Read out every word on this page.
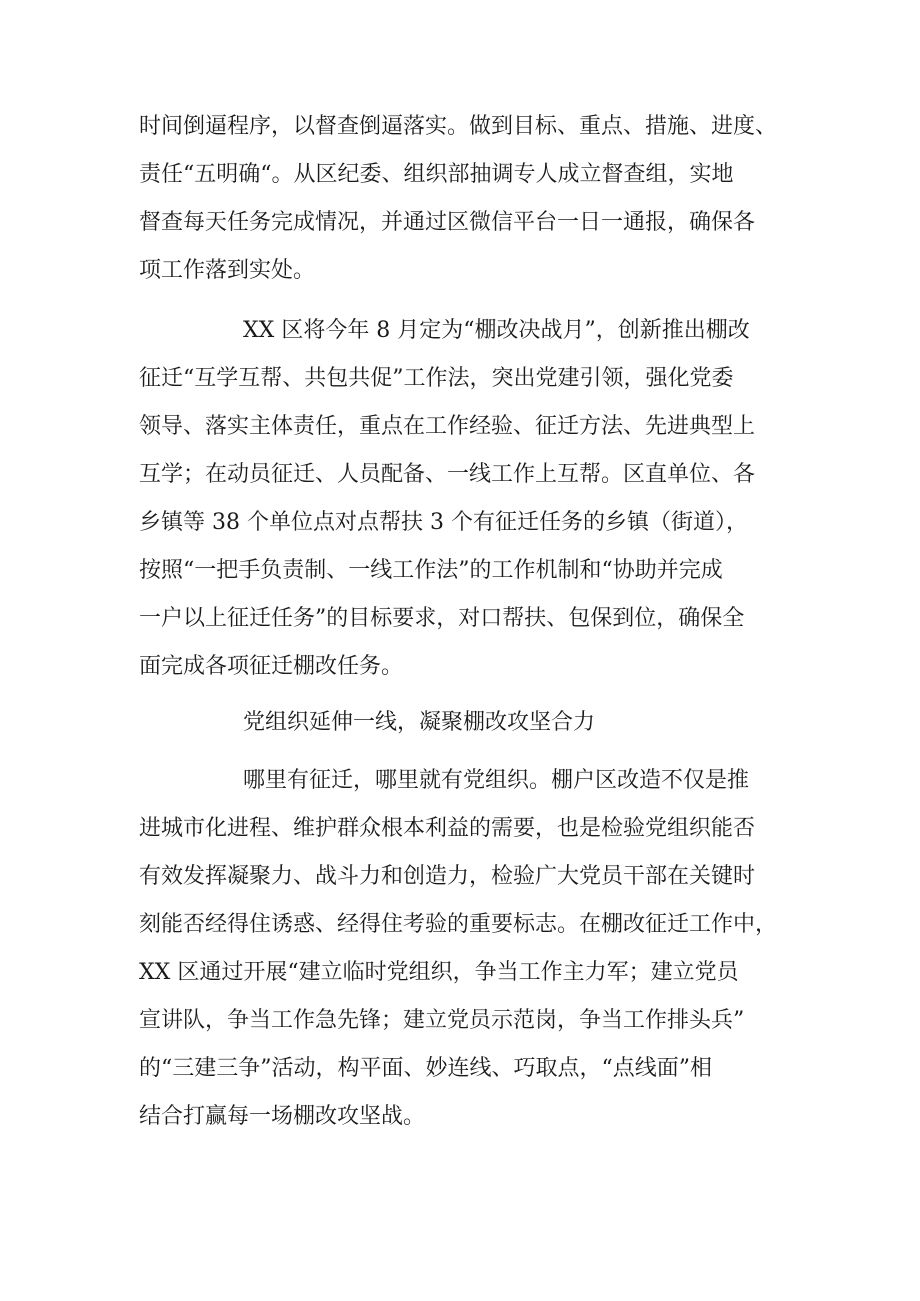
时间倒逼程序，以督查倒逼落实。做到目标、重点、措施、进度、

责任“五明确“。从区纪委、组织部抽调专人成立督查组，实地

督查每天任务完成情况，并通过区微信平台一日一通报，确保各

项工作落到实处。

XX 区将今年 8 月定为“棚改决战月”，创新推出棚改

征迁“互学互帮、共包共促”工作法，突出党建引领，强化党委

领导、落实主体责任，重点在工作经验、征迁方法、先进典型上

互学；在动员征迁、人员配备、一线工作上互帮。区直单位、各

乡镇等 38 个单位点对点帮扶 3 个有征迁任务的乡镇（街道），

按照“一把手负责制、一线工作法”的工作机制和“协助并完成

一户以上征迁任务”的目标要求，对口帮扶、包保到位，确保全

面完成各项征迁棚改任务。

党组织延伸一线，凝聚棚改攻坚合力

哪里有征迁，哪里就有党组织。棚户区改造不仅是推

进城市化进程、维护群众根本利益的需要，也是检验党组织能否

有效发挥凝聚力、战斗力和创造力，检验广大党员干部在关键时

刻能否经得住诱惑、经得住考验的重要标志。在棚改征迁工作中，

XX 区通过开展“建立临时党组织，争当工作主力军；建立党员

宣讲队，争当工作急先锋；建立党员示范岗，争当工作排头兵”

的“三建三争”活动，构平面、妙连线、巧取点，“点线面”相

结合打赢每一场棚改攻坚战。
